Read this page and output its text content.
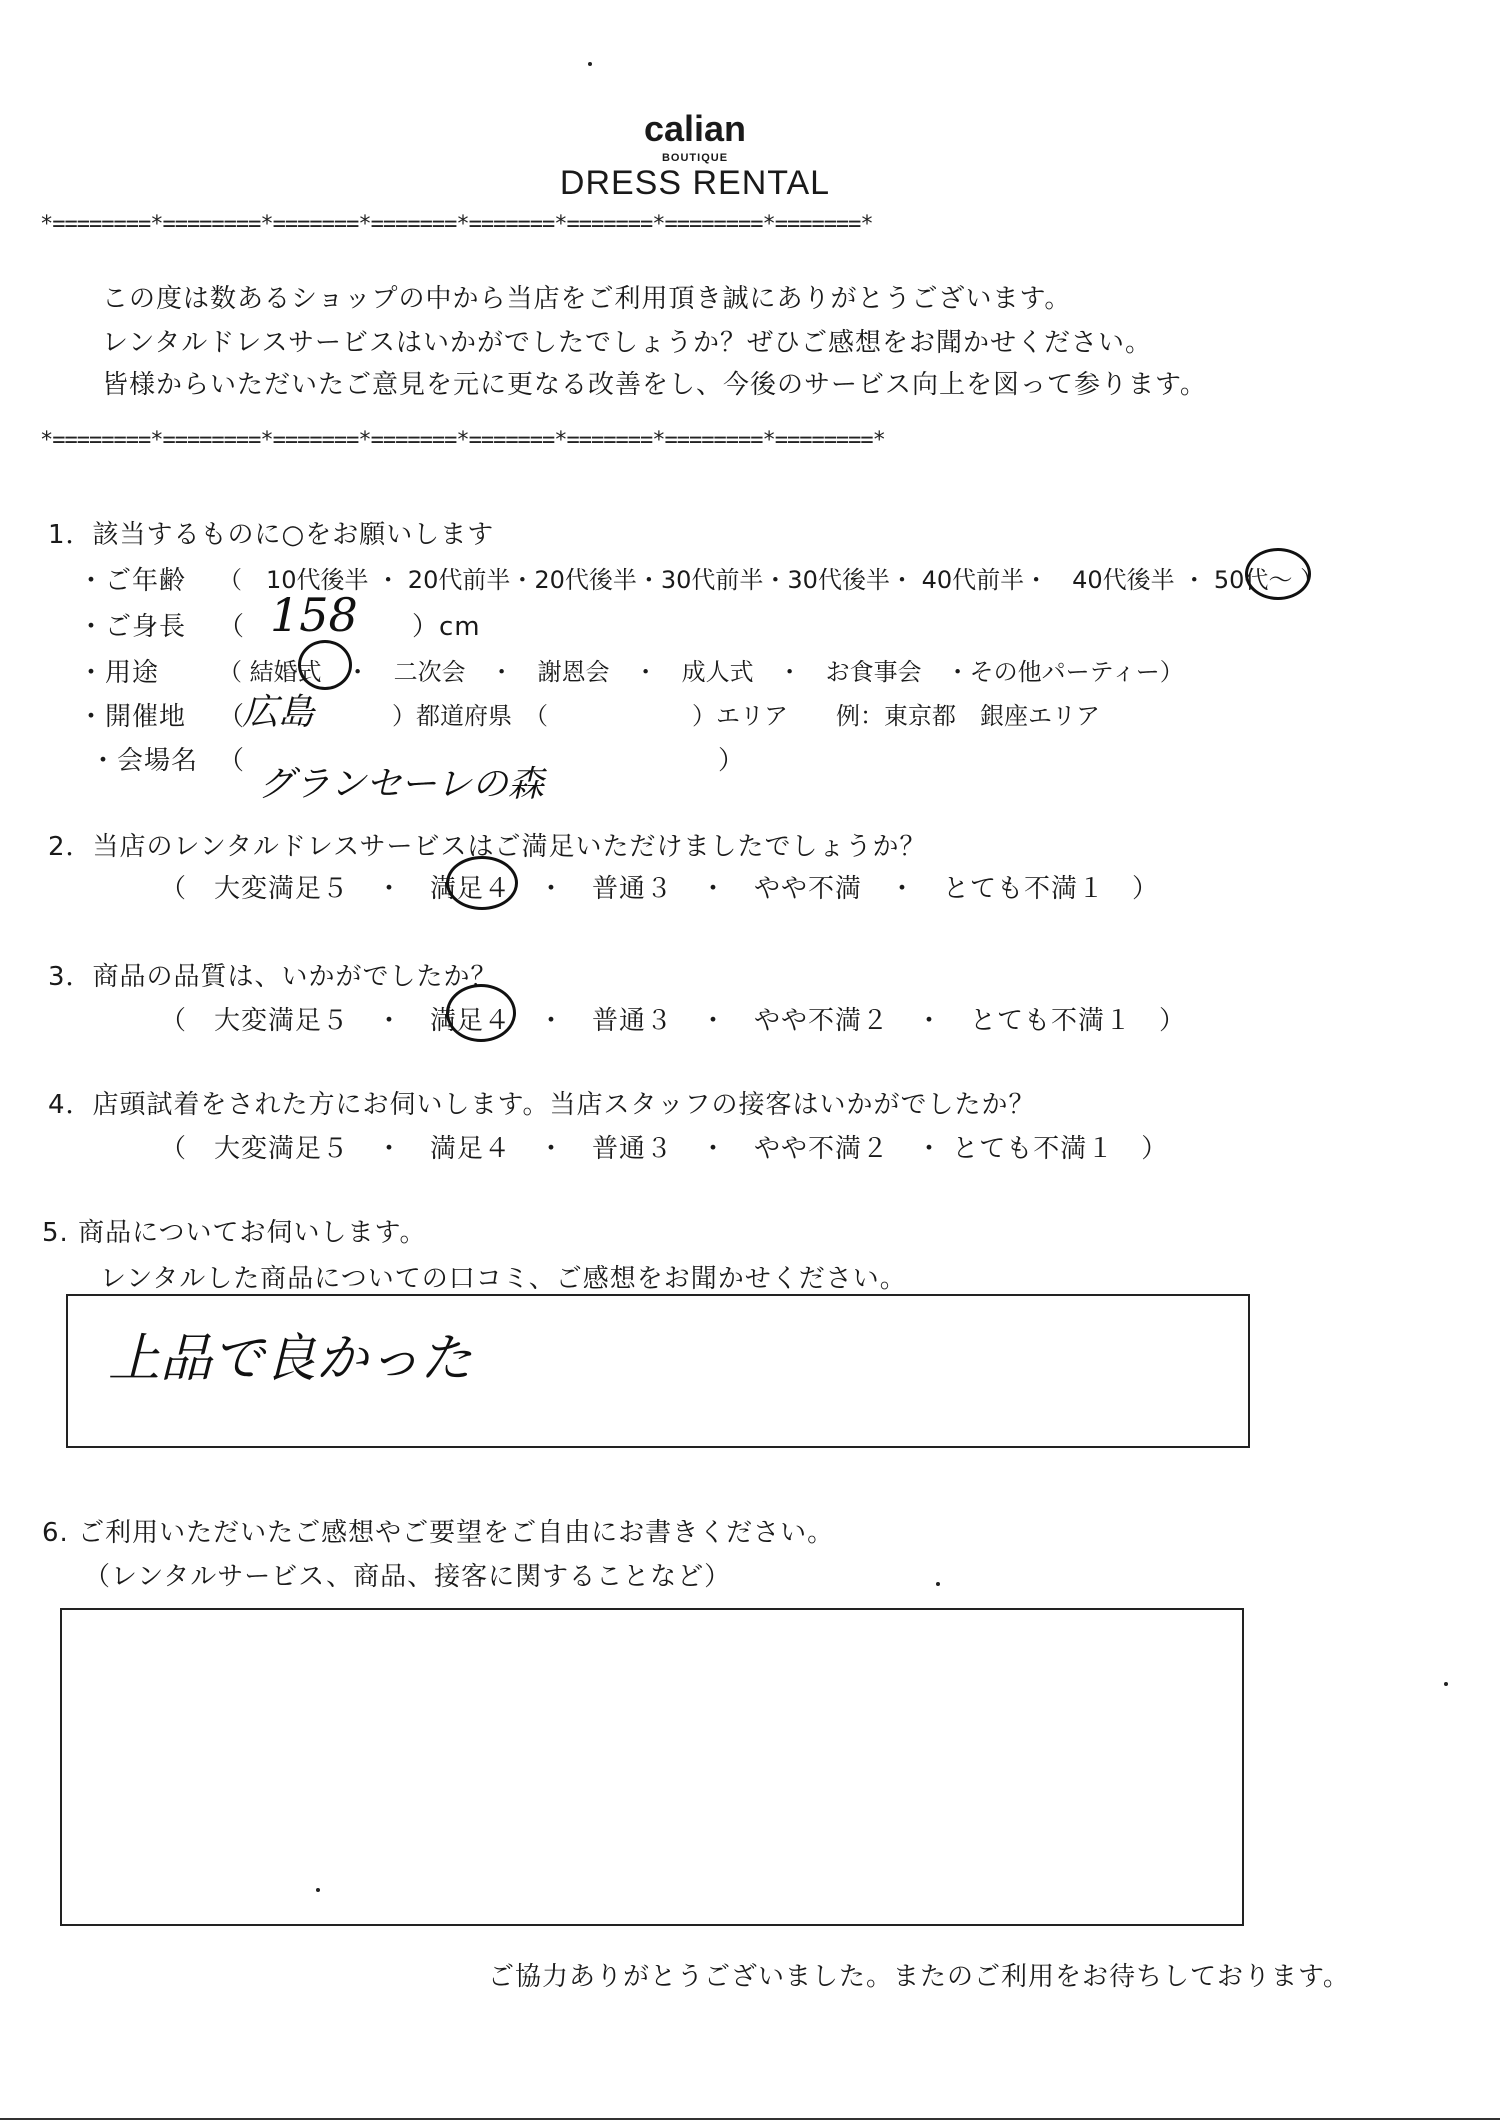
calian
BOUTIQUE
DRESS RENTAL
*========*========*=======*=======*=======*=======*========*=======*
この度は数あるショップの中から当店をご利用頂き誠にありがとうございます。
レンタルドレスサービスはいかがでしたでしょうか？ぜひご感想をお聞かせください。
皆様からいただいたご意見を元に更なる改善をし、今後のサービス向上を図って参ります。
*========*========*=======*=======*=======*=======*========*========*
1．該当するものに○をお願いします
・ご年齢 （　10代後半 ・ 20代前半・20代後半・30代前半・30代後半・ 40代前半・　40代後半 ・ 50代～ ）
・ご身長 （ 158 ）cm
・用途 （ 結婚式　・　二次会　・　謝恩会　・　成人式　・　お食事会　・その他パーティー）
・開催地 （
広島	）都道府県　（　　　　　　）エリア　　例：東京都　銀座エリア
・会場名 （
グランセーレの森
）
2．当店のレンタルドレスサービスはご満足いただけましたでしょうか？
（　大変満足５　・　満足４　・　普通３　・　やや不満　・　とても不満１　）
3．商品の品質は、いかがでしたか？
（　大変満足５　・　満足４　・　普通３　・　やや不満２　・　とても不満１　）
4．店頭試着をされた方にお伺いします。当店スタッフの接客はいかがでしたか？
（　大変満足５　・　満足４　・　普通３　・　やや不満２　・ とても不満１　）
5. 商品についてお伺いします。
レンタルした商品についての口コミ、ご感想をお聞かせください。
上品で良かった
6. ご利用いただいたご感想やご要望をご自由にお書きください。
（レンタルサービス、商品、接客に関することなど）
ご協力ありがとうございました。またのご利用をお待ちしております。
